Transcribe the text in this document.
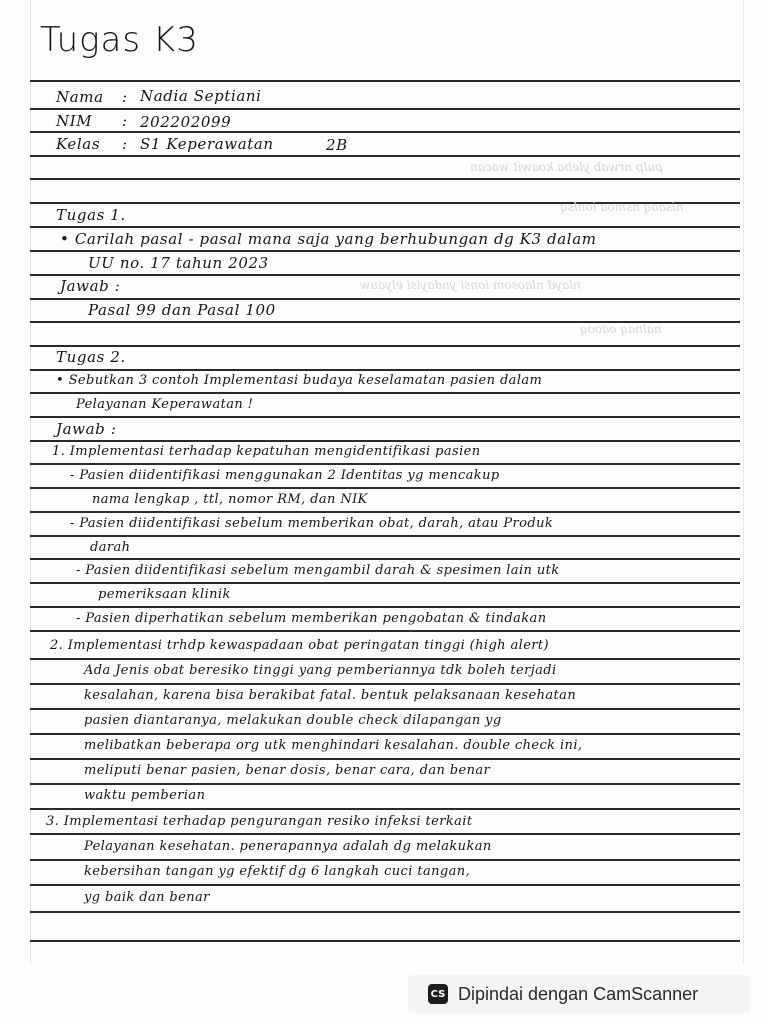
pulp nrwab yleba koawit wacan
nisaoq nsmoa ionlsq
nlayd nlaosom ionsi yndayisi elyauw
nalnaq oaooq
Tugas K3
Nama : Nadia Septiani
NIM : 202202099
Kelas : S1 Keperawatan	2B
Tugas 1.
• Carilah pasal - pasal mana saja yang berhubungan dg K3 dalam
UU no. 17 tahun 2023
Jawab :
Pasal 99 dan Pasal 100
Tugas 2.
• Sebutkan 3 contoh Implementasi budaya keselamatan pasien dalam
Pelayanan Keperawatan !
Jawab :
1. Implementasi terhadap kepatuhan mengidentifikasi pasien
- Pasien diidentifikasi menggunakan 2 Identitas yg mencakup
nama lengkap , ttl, nomor RM, dan NIK
- Pasien diidentifikasi sebelum memberikan obat, darah, atau Produk
darah
- Pasien diidentifikasi sebelum mengambil darah & spesimen lain utk
pemeriksaan klinik
- Pasien diperhatikan sebelum memberikan pengobatan & tindakan
2. Implementasi trhdp kewaspadaan obat peringatan tinggi (high alert)
Ada Jenis obat beresiko tinggi yang pemberiannya tdk boleh terjadi
kesalahan, karena bisa berakibat fatal. bentuk pelaksanaan kesehatan
pasien diantaranya, melakukan double check dilapangan yg
melibatkan beberapa org utk menghindari kesalahan. double check ini,
meliputi benar pasien, benar dosis, benar cara, dan benar
waktu pemberian
3. Implementasi terhadap pengurangan resiko infeksi terkait
Pelayanan kesehatan. penerapannya adalah dg melakukan
kebersihan tangan yg efektif dg 6 langkah cuci tangan,
yg baik dan benar
CS Dipindai dengan CamScanner
